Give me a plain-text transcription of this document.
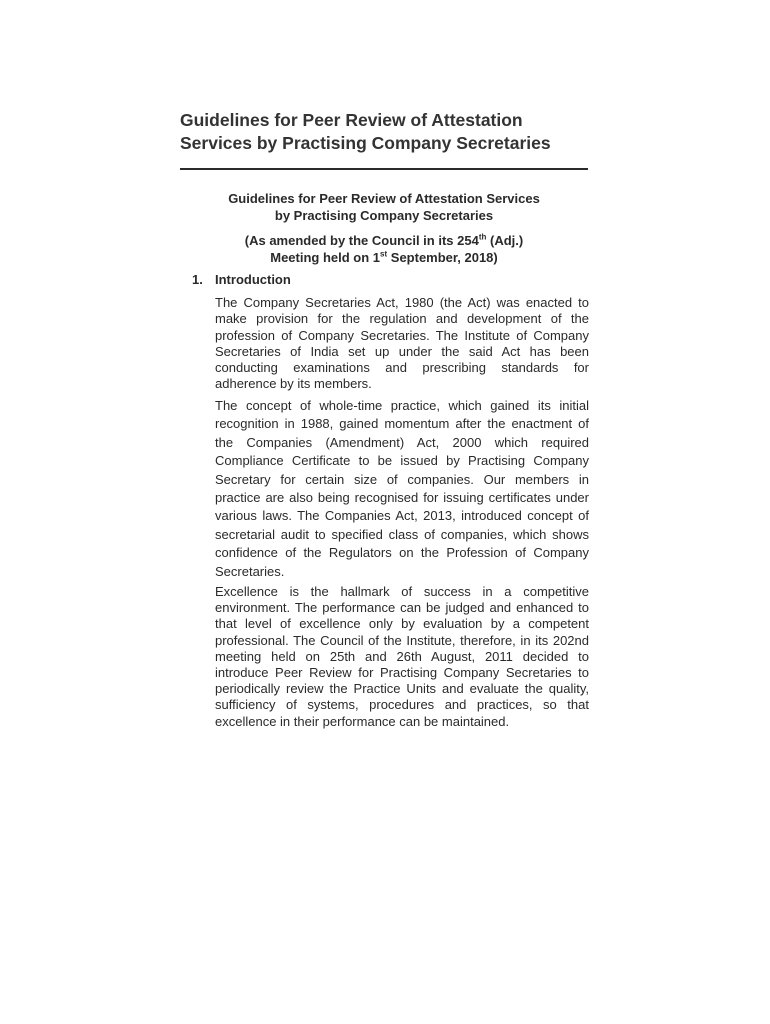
Guidelines for Peer Review of Attestation
Services by Practising Company Secretaries
Guidelines for Peer Review of Attestation Services
by Practising Company Secretaries
(As amended by the Council in its 254th (Adj.)
Meeting held on 1st September, 2018)
1. Introduction

The Company Secretaries Act, 1980 (the Act) was enacted to make provision for the regulation and development of the profession of Company Secretaries. The Institute of Company Secretaries of India set up under the said Act has been conducting examinations and prescribing standards for adherence by its members.

The concept of whole-time practice, which gained its initial recognition in 1988, gained momentum after the enactment of the Companies (Amendment) Act, 2000 which required Compliance Certificate to be issued by Practising Company Secretary for certain size of companies. Our members in practice are also being recognised for issuing certificates under various laws. The Companies Act, 2013, introduced concept of secretarial audit to specified class of companies, which shows confidence of the Regulators on the Profession of Company Secretaries.

Excellence is the hallmark of success in a competitive environment. The performance can be judged and enhanced to that level of excellence only by evaluation by a competent professional. The Council of the Institute, therefore, in its 202nd meeting held on 25th and 26th August, 2011 decided to introduce Peer Review for Practising Company Secretaries to periodically review the Practice Units and evaluate the quality, sufficiency of systems, procedures and practices, so that excellence in their performance can be maintained.
